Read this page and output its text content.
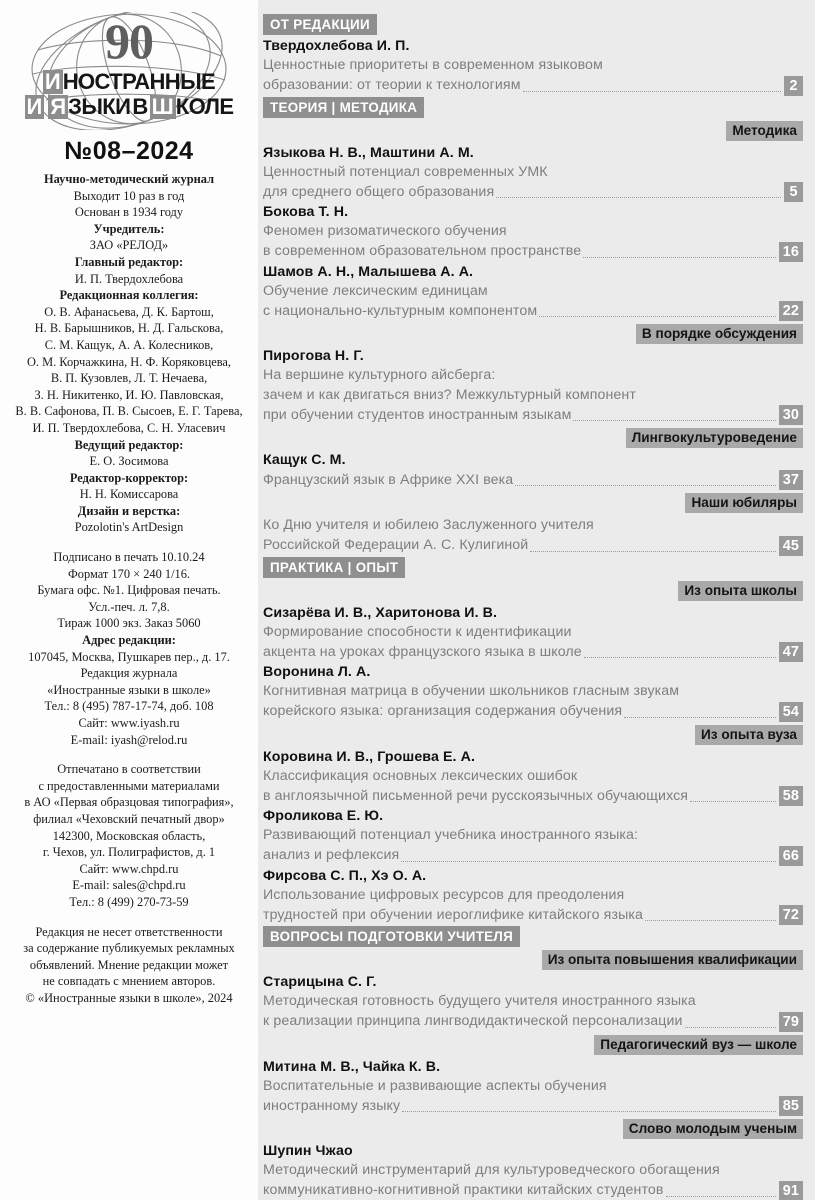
90
ИНОСТРАННЫЕ
И ЯЗЫКИВ ШКОЛЕ
№08–2024
Научно-методический журнал
Выходит 10 раз в год
Основан в 1934 году
Учредитель:
ЗАО «РЕЛОД»
Главный редактор:
И. П. Твердохлебова
Редакционная коллегия:
О. В. Афанасьева, Д. К. Бартош,
Н. В. Барышников, Н. Д. Гальскова,
С. М. Кащук, А. А. Колесников,
О. М. Корчажкина, Н. Ф. Коряковцева,
В. П. Кузовлев, Л. Т. Нечаева,
З. Н. Никитенко, И. Ю. Павловская,
В. В. Сафонова, П. В. Сысоев, Е. Г. Тарева,
И. П. Твердохлебова, С. Н. Уласевич
Ведущий редактор:
Е. О. Зосимова
Редактор-корректор:
Н. Н. Комиссарова
Дизайн и верстка:
Pozolotin's ArtDesign
Подписано в печать 10.10.24
Формат 170 × 240 1/16.
Бумага офс. №1. Цифровая печать.
Усл.-печ. л. 7,8.
Тираж 1000 экз. Заказ 5060
Адрес редакции:
107045, Москва, Пушкарев пер., д. 17.
Редакция журнала
«Иностранные языки в школе»
Тел.: 8 (495) 787-17-74, доб. 108
Сайт: www.iyash.ru
E-mail: iyash@relod.ru
Отпечатано в соответствии
с предоставленными материалами
в АО «Первая образцовая типография»,
филиал «Чеховский печатный двор»
142300, Московская область,
г. Чехов, ул. Полиграфистов, д. 1
Сайт: www.chpd.ru
E-mail: sales@chpd.ru
Тел.: 8 (499) 270-73-59
Редакция не несет ответственности
за содержание публикуемых рекламных
объявлений. Мнение редакции может
не совпадать с мнением авторов.
© «Иностранные языки в школе», 2024
ОТ РЕДАКЦИИ
Твердохлебова И. П.
Ценностные приоритеты в современном языковом
образовании: от теории к технологиям	2
ТЕОРИЯ | МЕТОДИКА
Методика
Языкова Н. В., Маштини А. М.
Ценностный потенциал современных УМК
для среднего общего образования	5
Бокова Т. Н.
Феномен ризоматического обучения
в современном образовательном пространстве	16
Шамов А. Н., Малышева А. А.
Обучение лексическим единицам
с национально-культурным компонентом	22
В порядке обсуждения
Пирогова Н. Г.
На вершине культурного айсберга:
зачем и как двигаться вниз? Межкультурный компонент
при обучении студентов иностранным языкам	30
Лингвокультуроведение
Кащук С. М.
Французский язык в Африке XXI века	37
Наши юбиляры
Ко Дню учителя и юбилею Заслуженного учителя
Российской Федерации А. С. Кулигиной	45
ПРАКТИКА | ОПЫТ
Из опыта школы
Сизарёва И. В., Харитонова И. В.
Формирование способности к идентификации
акцента на уроках французского языка в школе	47
Воронина Л. А.
Когнитивная матрица в обучении школьников гласным звукам
корейского языка: организация содержания обучения	54
Из опыта вуза
Коровина И. В., Грошева Е. А.
Классификация основных лексических ошибок
в англоязычной письменной речи русскоязычных обучающихся	58
Фроликова Е. Ю.
Развивающий потенциал учебника иностранного языка:
анализ и рефлексия	66
Фирсова С. П., Хэ О. А.
Использование цифровых ресурсов для преодоления
трудностей при обучении иероглифике китайского языка	72
ВОПРОСЫ ПОДГОТОВКИ УЧИТЕЛЯ
Из опыта повышения квалификации
Старицына С. Г.
Методическая готовность будущего учителя иностранного языка
к реализации принципа лингводидактической персонализации	79
Педагогический вуз — школе
Митина М. В., Чайка К. В.
Воспитательные и развивающие аспекты обучения
иностранному языку	85
Слово молодым ученым
Шупин Чжао
Методический инструментарий для культуроведческого обогащения
коммуникативно-когнитивной практики китайских студентов	91
